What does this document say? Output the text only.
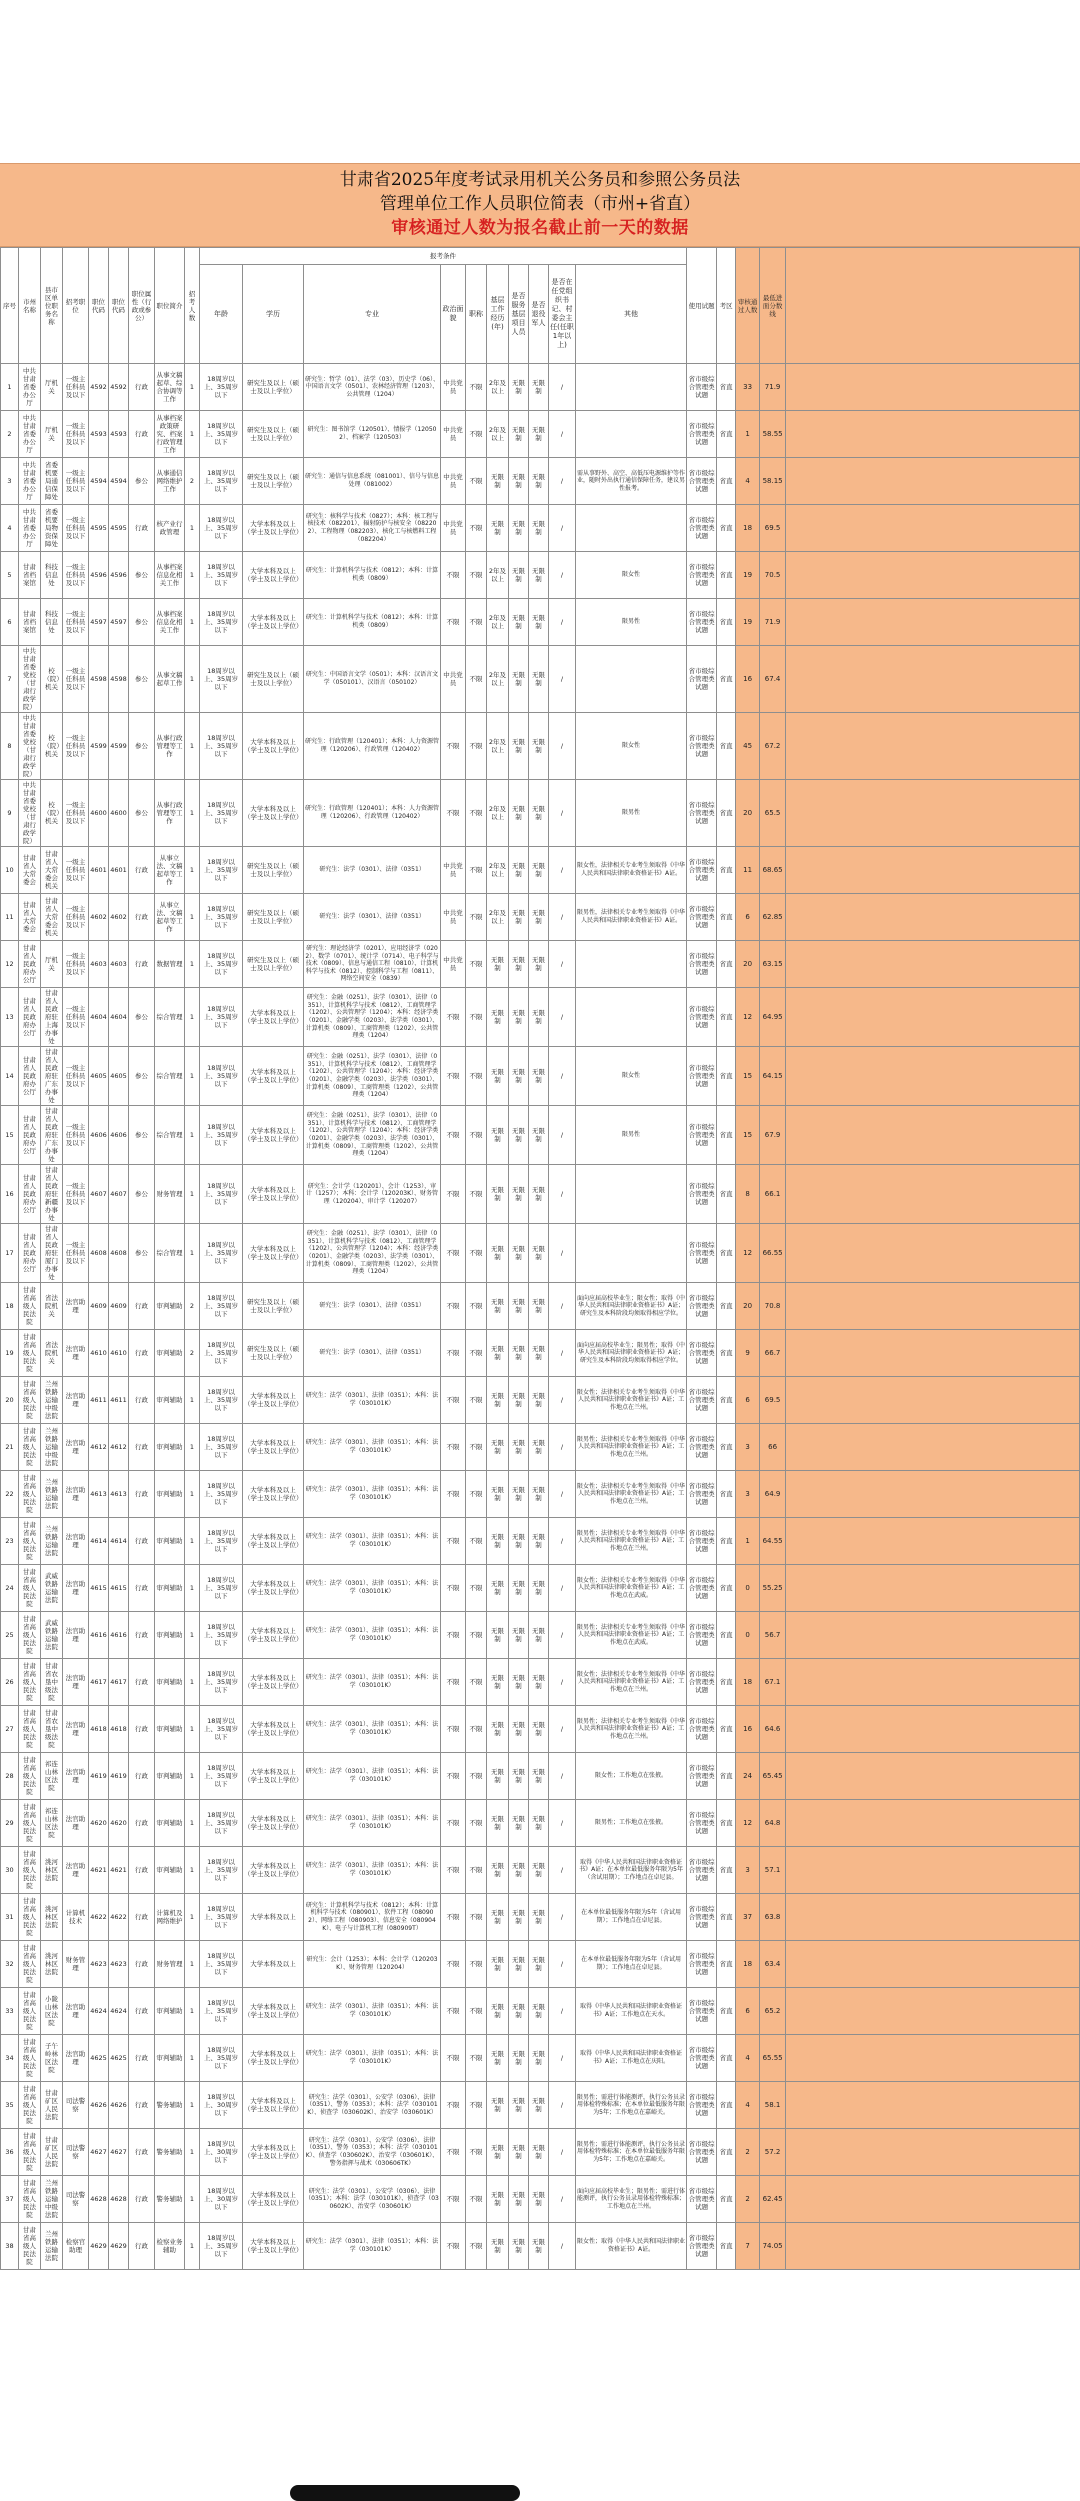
甘肃省2025年度考试录用机关公务员和参照公务员法
管理单位工作人员职位简表（市州+省直）
审核通过人数为报名截止前一天的数据
序号	市州名称	县市区单位职务名称	招考职位	职位代码	职位代码	职位属性（行政或参公）	职位简介	招考人数	报考条件										使用试题	考区	审核通过人数	最低进面分数线	
									年龄	学历	专业	政治面貌	职称	基层工作经历(年)	是否服务基层项目人员	是否退役军人	是否在任党组织书记、村委会主任(任职1年以上)	其他					
1	中共甘肃省委办公厅	厅机关	一级主任科员及以下	4592	4592	行政	从事文稿起草、综合协调等工作	1	18周岁以上、35周岁以下	研究生及以上（硕士及以上学位）	研究生：哲学（01）、法学（03）、历史学（06）、中国语言文学（0501）、农林经济管理（1203）、公共管理（1204）	中共党员	不限	2年及以上	无限制	无限制	/		省市级综合管理类试题	省直	33	71.9	
2	中共甘肃省委办公厅	厅机关	一级主任科员及以下	4593	4593	行政	从事档案政策研究、档案行政管理工作	1	18周岁以上、35周岁以下	研究生及以上（硕士及以上学位）	研究生：图书馆学（120501）、情报学（120502）、档案学（120503）	中共党员	不限	2年及以上	无限制	无限制	/		省市级综合管理类试题	省直	1	58.55	
3	中共甘肃省委办公厅	省委机要局通信保障处	一级主任科员及以下	4594	4594	参公	从事通信网络维护工作	2	18周岁以上、35周岁以下	研究生及以上（硕士及以上学位）	研究生：通信与信息系统（081001）、信号与信息处理（081002）	中共党员	不限	无限制	无限制	无限制	/	需从事野外、高空、高低压电源维护等作业，随时外出执行通信保障任务，建议男性报考。	省市级综合管理类试题	省直	4	58.15	
4	中共甘肃省委办公厅	省委机要局物资保障处	一级主任科员及以下	4595	4595	行政	核产业行政管理	1	18周岁以上、35周岁以下	大学本科及以上（学士及以上学位）	研究生：核科学与技术（0827）；本科：核工程与核技术（082201）、辐射防护与核安全（082202）、工程物理（082203）、核化工与核燃料工程（082204）	中共党员	不限	无限制	无限制	无限制	/		省市级综合管理类试题	省直	18	69.5	
5	甘肃省档案馆	科技信息处	一级主任科员及以下	4596	4596	参公	从事档案信息化相关工作	1	18周岁以上、35周岁以下	大学本科及以上（学士及以上学位）	研究生：计算机科学与技术（0812）；本科：计算机类（0809）	不限	不限	2年及以上	无限制	无限制	/	限女性	省市级综合管理类试题	省直	19	70.5	
6	甘肃省档案馆	科技信息处	一级主任科员及以下	4597	4597	参公	从事档案信息化相关工作	1	18周岁以上、35周岁以下	大学本科及以上（学士及以上学位）	研究生：计算机科学与技术（0812）；本科：计算机类（0809）	不限	不限	2年及以上	无限制	无限制	/	限男性	省市级综合管理类试题	省直	19	71.9	
7	中共甘肃省委党校（甘肃行政学院）	校（院）机关	一级主任科员及以下	4598	4598	参公	从事文稿起草工作	1	18周岁以上、35周岁以下	研究生及以上（硕士及以上学位）	研究生：中国语言文学（0501）；本科：汉语言文学（050101）、汉语言（050102）	中共党员	不限	2年及以上	无限制	无限制	/		省市级综合管理类试题	省直	16	67.4	
8	中共甘肃省委党校（甘肃行政学院）	校（院）机关	一级主任科员及以下	4599	4599	参公	从事行政管理等工作	1	18周岁以上、35周岁以下	大学本科及以上（学士及以上学位）	研究生：行政管理（120401）；本科：人力资源管理（120206）、行政管理（120402）	不限	不限	2年及以上	无限制	无限制	/	限女性	省市级综合管理类试题	省直	45	67.2	
9	中共甘肃省委党校（甘肃行政学院）	校（院）机关	一级主任科员及以下	4600	4600	参公	从事行政管理等工作	1	18周岁以上、35周岁以下	大学本科及以上（学士及以上学位）	研究生：行政管理（120401）；本科：人力资源管理（120206）、行政管理（120402）	不限	不限	2年及以上	无限制	无限制	/	限男性	省市级综合管理类试题	省直	20	65.5	
10	甘肃省人大常委会	甘肃省人大常委会机关	一级主任科员及以下	4601	4601	行政	从事立法、文稿起草等工作	1	18周岁以上、35周岁以下	研究生及以上（硕士及以上学位）	研究生：法学（0301）、法律（0351）	中共党员	不限	2年及以上	无限制	无限制	/	限女性，法律相关专业考生须取得《中华人民共和国法律职业资格证书》A证。	省市级综合管理类试题	省直	11	68.65	
11	甘肃省人大常委会	甘肃省人大常委会机关	一级主任科员及以下	4602	4602	行政	从事立法、文稿起草等工作	1	18周岁以上、35周岁以下	研究生及以上（硕士及以上学位）	研究生：法学（0301）、法律（0351）	中共党员	不限	2年及以上	无限制	无限制	/	限男性，法律相关专业考生须取得《中华人民共和国法律职业资格证书》A证。	省市级综合管理类试题	省直	6	62.85	
12	甘肃省人民政府办公厅	厅机关	一级主任科员及以下	4603	4603	行政	数据管理	1	18周岁以上、35周岁以下	研究生及以上（硕士及以上学位）	研究生：理论经济学（0201）、应用经济学（0202）、数学（0701）、统计学（0714）、电子科学与技术（0809）、信息与通信工程（0810）、计算机科学与技术（0812）、控制科学与工程（0811）、网络空间安全（0839）	中共党员	不限	无限制	无限制	无限制	/		省市级综合管理类试题	省直	20	63.15	
13	甘肃省人民政府办公厅	甘肃省人民政府驻上海办事处	一级主任科员及以下	4604	4604	参公	综合管理	1	18周岁以上、35周岁以下	大学本科及以上（学士及以上学位）	研究生：金融（0251）、法学（0301）、法律（0351）、计算机科学与技术（0812）、工商管理学（1202）、公共管理学（1204）；本科：经济学类（0201）、金融学类（0203）、法学类（0301）、计算机类（0809）、工商管理类（1202）、公共管理类（1204）	不限	不限	无限制	无限制	无限制	/		省市级综合管理类试题	省直	12	64.95	
14	甘肃省人民政府办公厅	甘肃省人民政府驻广东办事处	一级主任科员及以下	4605	4605	参公	综合管理	1	18周岁以上、35周岁以下	大学本科及以上（学士及以上学位）	研究生：金融（0251）、法学（0301）、法律（0351）、计算机科学与技术（0812）、工商管理学（1202）、公共管理学（1204）；本科：经济学类（0201）、金融学类（0203）、法学类（0301）、计算机类（0809）、工商管理类（1202）、公共管理类（1204）	不限	不限	无限制	无限制	无限制	/	限女性	省市级综合管理类试题	省直	15	64.15	
15	甘肃省人民政府办公厅	甘肃省人民政府驻广东办事处	一级主任科员及以下	4606	4606	参公	综合管理	1	18周岁以上、35周岁以下	大学本科及以上（学士及以上学位）	研究生：金融（0251）、法学（0301）、法律（0351）、计算机科学与技术（0812）、工商管理学（1202）、公共管理学（1204）；本科：经济学类（0201）、金融学类（0203）、法学类（0301）、计算机类（0809）、工商管理类（1202）、公共管理类（1204）	不限	不限	无限制	无限制	无限制	/	限男性	省市级综合管理类试题	省直	15	67.9	
16	甘肃省人民政府办公厅	甘肃省人民政府驻新疆办事处	一级主任科员及以下	4607	4607	参公	财务管理	1	18周岁以上、35周岁以下	大学本科及以上（学士及以上学位）	研究生：会计学（120201）、会计（1253）、审计（1257）；本科：会计学（120203K）、财务管理（120204）、审计学（120207）	不限	不限	无限制	无限制	无限制	/		省市级综合管理类试题	省直	8	66.1	
17	甘肃省人民政府办公厅	甘肃省人民政府驻厦门办事处	一级主任科员及以下	4608	4608	参公	综合管理	1	18周岁以上、35周岁以下	大学本科及以上（学士及以上学位）	研究生：金融（0251）、法学（0301）、法律（0351）、计算机科学与技术（0812）、工商管理学（1202）、公共管理学（1204）；本科：经济学类（0201）、金融学类（0203）、法学类（0301）、计算机类（0809）、工商管理类（1202）、公共管理类（1204）	不限	不限	无限制	无限制	无限制	/		省市级综合管理类试题	省直	12	66.55	
18	甘肃省高级人民法院	省法院机关	法官助理	4609	4609	行政	审判辅助	2	18周岁以上、35周岁以下	研究生及以上（硕士及以上学位）	研究生：法学（0301）、法律（0351）	不限	不限	无限制	无限制	无限制	/	面向应届高校毕业生；限女性；取得《中华人民共和国法律职业资格证书》A证；研究生及本科阶段均须取得相应学位。	省市级综合管理类试题	省直	20	70.8	
19	甘肃省高级人民法院	省法院机关	法官助理	4610	4610	行政	审判辅助	2	18周岁以上、35周岁以下	研究生及以上（硕士及以上学位）	研究生：法学（0301）、法律（0351）	不限	不限	无限制	无限制	无限制	/	面向应届高校毕业生；限男性；取得《中华人民共和国法律职业资格证书》A证；研究生及本科阶段均须取得相应学位。	省市级综合管理类试题	省直	9	66.7	
20	甘肃省高级人民法院	兰州铁路运输中级法院	法官助理	4611	4611	行政	审判辅助	1	18周岁以上、35周岁以下	大学本科及以上（学士及以上学位）	研究生：法学（0301）、法律（0351）；本科：法学（030101K）	不限	不限	无限制	无限制	无限制	/	限女性；法律相关专业考生须取得《中华人民共和国法律职业资格证书》A证；工作地点在兰州。	省市级综合管理类试题	省直	6	69.5	
21	甘肃省高级人民法院	兰州铁路运输中级法院	法官助理	4612	4612	行政	审判辅助	1	18周岁以上、35周岁以下	大学本科及以上（学士及以上学位）	研究生：法学（0301）、法律（0351）；本科：法学（030101K）	不限	不限	无限制	无限制	无限制	/	限男性；法律相关专业考生须取得《中华人民共和国法律职业资格证书》A证；工作地点在兰州。	省市级综合管理类试题	省直	3	66	
22	甘肃省高级人民法院	兰州铁路运输法院	法官助理	4613	4613	行政	审判辅助	1	18周岁以上、35周岁以下	大学本科及以上（学士及以上学位）	研究生：法学（0301）、法律（0351）；本科：法学（030101K）	不限	不限	无限制	无限制	无限制	/	限女性；法律相关专业考生须取得《中华人民共和国法律职业资格证书》A证；工作地点在兰州。	省市级综合管理类试题	省直	3	64.9	
23	甘肃省高级人民法院	兰州铁路运输法院	法官助理	4614	4614	行政	审判辅助	1	18周岁以上、35周岁以下	大学本科及以上（学士及以上学位）	研究生：法学（0301）、法律（0351）；本科：法学（030101K）	不限	不限	无限制	无限制	无限制	/	限男性；法律相关专业考生须取得《中华人民共和国法律职业资格证书》A证；工作地点在兰州。	省市级综合管理类试题	省直	1	64.55	
24	甘肃省高级人民法院	武威铁路运输法院	法官助理	4615	4615	行政	审判辅助	1	18周岁以上、35周岁以下	大学本科及以上（学士及以上学位）	研究生：法学（0301）、法律（0351）；本科：法学（030101K）	不限	不限	无限制	无限制	无限制	/	限女性；法律相关专业考生须取得《中华人民共和国法律职业资格证书》A证；工作地点在武威。	省市级综合管理类试题	省直	0	55.25	
25	甘肃省高级人民法院	武威铁路运输法院	法官助理	4616	4616	行政	审判辅助	1	18周岁以上、35周岁以下	大学本科及以上（学士及以上学位）	研究生：法学（0301）、法律（0351）；本科：法学（030101K）	不限	不限	无限制	无限制	无限制	/	限男性；法律相关专业考生须取得《中华人民共和国法律职业资格证书》A证；工作地点在武威。	省市级综合管理类试题	省直	0	56.7	
26	甘肃省高级人民法院	甘肃省农垦中级法院	法官助理	4617	4617	行政	审判辅助	1	18周岁以上、35周岁以下	大学本科及以上（学士及以上学位）	研究生：法学（0301）、法律（0351）；本科：法学（030101K）	不限	不限	无限制	无限制	无限制	/	限女性；法律相关专业考生须取得《中华人民共和国法律职业资格证书》A证；工作地点在兰州。	省市级综合管理类试题	省直	18	67.1	
27	甘肃省高级人民法院	甘肃省农垦中级法院	法官助理	4618	4618	行政	审判辅助	1	18周岁以上、35周岁以下	大学本科及以上（学士及以上学位）	研究生：法学（0301）、法律（0351）；本科：法学（030101K）	不限	不限	无限制	无限制	无限制	/	限男性；法律相关专业考生须取得《中华人民共和国法律职业资格证书》A证；工作地点在兰州。	省市级综合管理类试题	省直	16	64.6	
28	甘肃省高级人民法院	祁连山林区法院	法官助理	4619	4619	行政	审判辅助	1	18周岁以上、35周岁以下	大学本科及以上（学士及以上学位）	研究生：法学（0301）、法律（0351）；本科：法学（030101K）	不限	不限	无限制	无限制	无限制	/	限女性；工作地点在张掖。	省市级综合管理类试题	省直	24	65.45	
29	甘肃省高级人民法院	祁连山林区法院	法官助理	4620	4620	行政	审判辅助	1	18周岁以上、35周岁以下	大学本科及以上（学士及以上学位）	研究生：法学（0301）、法律（0351）；本科：法学（030101K）	不限	不限	无限制	无限制	无限制	/	限男性；工作地点在张掖。	省市级综合管理类试题	省直	12	64.8	
30	甘肃省高级人民法院	洮河林区法院	法官助理	4621	4621	行政	审判辅助	1	18周岁以上、35周岁以下	大学本科及以上（学士及以上学位）	研究生：法学（0301）、法律（0351）；本科：法学（030101K）	不限	不限	无限制	无限制	无限制	/	取得《中华人民共和国法律职业资格证书》A证；在本单位最低服务年限为5年（含试用期）；工作地点在卓尼县。	省市级综合管理类试题	省直	3	57.1	
31	甘肃省高级人民法院	洮河林区法院	计算机技术	4622	4622	行政	计算机及网络维护	1	18周岁以上、35周岁以下	大学本科及以上	研究生：计算机科学与技术（0812）；本科：计算机科学与技术（080901）、软件工程（080902）、网络工程（080903）、信息安全（080904K）、电子与计算机工程（080909T）	不限	不限	无限制	无限制	无限制	/	在本单位最低服务年限为5年（含试用期）；工作地点在卓尼县。	省市级综合管理类试题	省直	37	63.8	
32	甘肃省高级人民法院	洮河林区法院	财务管理	4623	4623	行政	财务管理	1	18周岁以上、35周岁以下	大学本科及以上	研究生：会计（1253）；本科：会计学（120203K）、财务管理（120204）	不限	不限	无限制	无限制	无限制	/	在本单位最低服务年限为5年（含试用期）；工作地点在卓尼县。	省市级综合管理类试题	省直	18	63.4	
33	甘肃省高级人民法院	小陇山林区法院	法官助理	4624	4624	行政	审判辅助	1	18周岁以上、35周岁以下	大学本科及以上（学士及以上学位）	研究生：法学（0301）、法律（0351）；本科：法学（030101K）	不限	不限	无限制	无限制	无限制	/	取得《中华人民共和国法律职业资格证书》A证；工作地点在天水。	省市级综合管理类试题	省直	6	65.2	
34	甘肃省高级人民法院	子午岭林区法院	法官助理	4625	4625	行政	审判辅助	1	18周岁以上、35周岁以下	大学本科及以上（学士及以上学位）	研究生：法学（0301）、法律（0351）；本科：法学（030101K）	不限	不限	无限制	无限制	无限制	/	取得《中华人民共和国法律职业资格证书》A证；工作地点在庆阳。	省市级综合管理类试题	省直	4	65.55	
35	甘肃省高级人民法院	甘肃矿区人民法院	司法警察	4626	4626	行政	警务辅助	1	18周岁以上、30周岁以下	大学本科及以上（学士及以上学位）	研究生：法学（0301）、公安学（0306）、法律（0351）、警务（0353）；本科：法学（030101K）、侦查学（030602K）、治安学（030601K）	不限	不限	无限制	无限制	无限制	/	限男性；需进行体能测评，执行公务员录用体检特殊标准；在本单位最低服务年限为5年；工作地点在嘉峪关。	省市级综合管理类试题	省直	4	58.1	
36	甘肃省高级人民法院	甘肃矿区人民法院	司法警察	4627	4627	行政	警务辅助	1	18周岁以上、30周岁以下	大学本科及以上（学士及以上学位）	研究生：法学（0301）、公安学（0306）、法律（0351）、警务（0353）；本科：法学（030101K）、侦查学（030602K）、治安学（030601K）、警务指挥与战术（030606TK）	不限	不限	无限制	无限制	无限制	/	限男性；需进行体能测评，执行公务员录用体检特殊标准；在本单位最低服务年限为5年；工作地点在嘉峪关。	省市级综合管理类试题	省直	2	57.2	
37	甘肃省高级人民法院	兰州铁路运输中级法院	司法警察	4628	4628	行政	警务辅助	1	18周岁以上、30周岁以下	大学本科及以上（学士及以上学位）	研究生：法学（0301）、公安学（0306）、法律（0351）；本科：法学（030101K）、侦查学（030602K）、治安学（030601K）	不限	不限	无限制	无限制	无限制	/	面向应届高校毕业生；限男性；需进行体能测评，执行公务员录用体检特殊标准；工作地点在兰州。	省市级综合管理类试题	省直	2	62.45	
38	甘肃省高级人民法院	兰州铁路运输法院	检察官助理	4629	4629	行政	检察业务辅助	1	18周岁以上、35周岁以下	大学本科及以上（学士及以上学位）	研究生：法学（0301）、法律（0351）；本科：法学（030101K）	不限	不限	无限制	无限制	无限制	/	限女性；取得《中华人民共和国法律职业资格证书》A证。	省市级综合管理类试题	省直	7	74.05	
